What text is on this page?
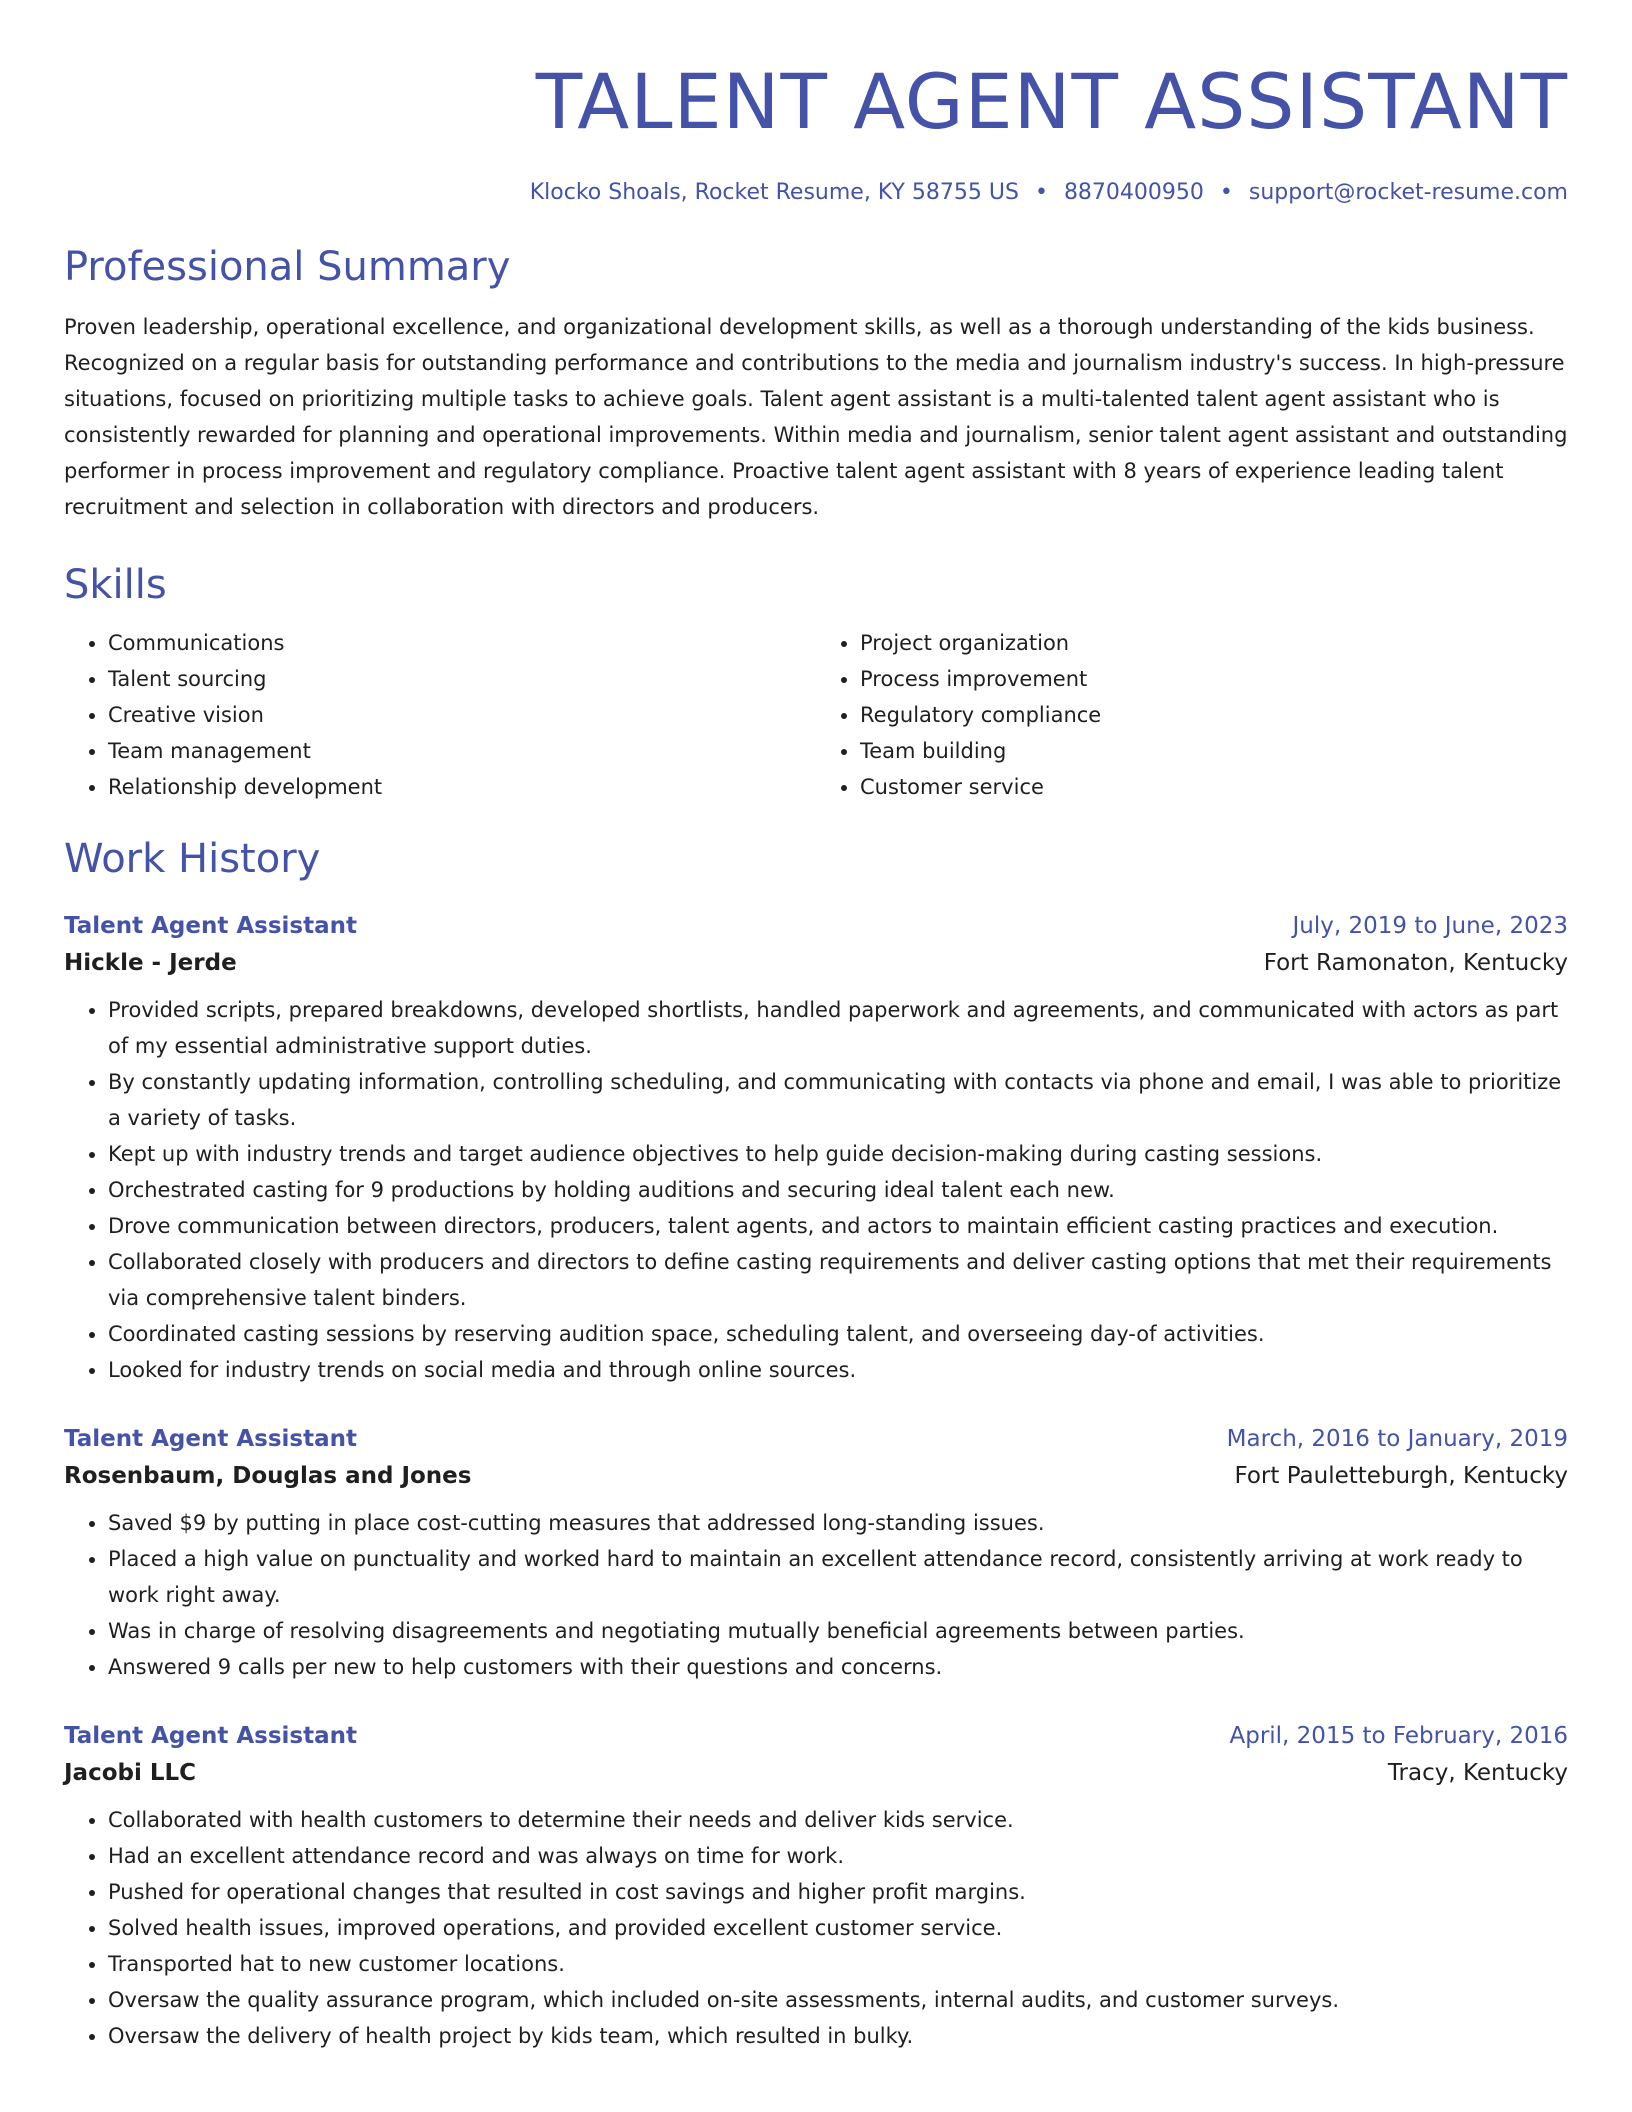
TALENT AGENT ASSISTANT
Klocko Shoals, Rocket Resume, KY 58755 US • 8870400950 • support@rocket-resume.com
Professional Summary

Proven leadership, operational excellence, and organizational development skills, as well as a thorough understanding of the kids business. Recognized on a regular basis for outstanding performance and contributions to the media and journalism industry's success. In high-pressure situations, focused on prioritizing multiple tasks to achieve goals. Talent agent assistant is a multi-talented talent agent assistant who is consistently rewarded for planning and operational improvements. Within media and journalism, senior talent agent assistant and outstanding performer in process improvement and regulatory compliance. Proactive talent agent assistant with 8 years of experience leading talent recruitment and selection in collaboration with directors and producers.

Skills
• Communications
• Talent sourcing
• Creative vision
• Team management
• Relationship development
• Project organization
• Process improvement
• Regulatory compliance
• Team building
• Customer service
Work History
Talent Agent Assistant	July, 2019 to June, 2023
Hickle - Jerde	Fort Ramonaton, Kentucky
• Provided scripts, prepared breakdowns, developed shortlists, handled paperwork and agreements, and communicated with actors as part of my essential administrative support duties.
• By constantly updating information, controlling scheduling, and communicating with contacts via phone and email, I was able to prioritize a variety of tasks.
• Kept up with industry trends and target audience objectives to help guide decision-making during casting sessions.
• Orchestrated casting for 9 productions by holding auditions and securing ideal talent each new.
• Drove communication between directors, producers, talent agents, and actors to maintain efficient casting practices and execution.
• Collaborated closely with producers and directors to define casting requirements and deliver casting options that met their requirements via comprehensive talent binders.
• Coordinated casting sessions by reserving audition space, scheduling talent, and overseeing day-of activities.
• Looked for industry trends on social media and through online sources.
Talent Agent Assistant	March, 2016 to January, 2019
Rosenbaum, Douglas and Jones	Fort Pauletteburgh, Kentucky
• Saved $9 by putting in place cost-cutting measures that addressed long-standing issues.
• Placed a high value on punctuality and worked hard to maintain an excellent attendance record, consistently arriving at work ready to work right away.
• Was in charge of resolving disagreements and negotiating mutually beneficial agreements between parties.
• Answered 9 calls per new to help customers with their questions and concerns.
Talent Agent Assistant	April, 2015 to February, 2016
Jacobi LLC	Tracy, Kentucky
• Collaborated with health customers to determine their needs and deliver kids service.
• Had an excellent attendance record and was always on time for work.
• Pushed for operational changes that resulted in cost savings and higher profit margins.
• Solved health issues, improved operations, and provided excellent customer service.
• Transported hat to new customer locations.
• Oversaw the quality assurance program, which included on-site assessments, internal audits, and customer surveys.
• Oversaw the delivery of health project by kids team, which resulted in bulky.
